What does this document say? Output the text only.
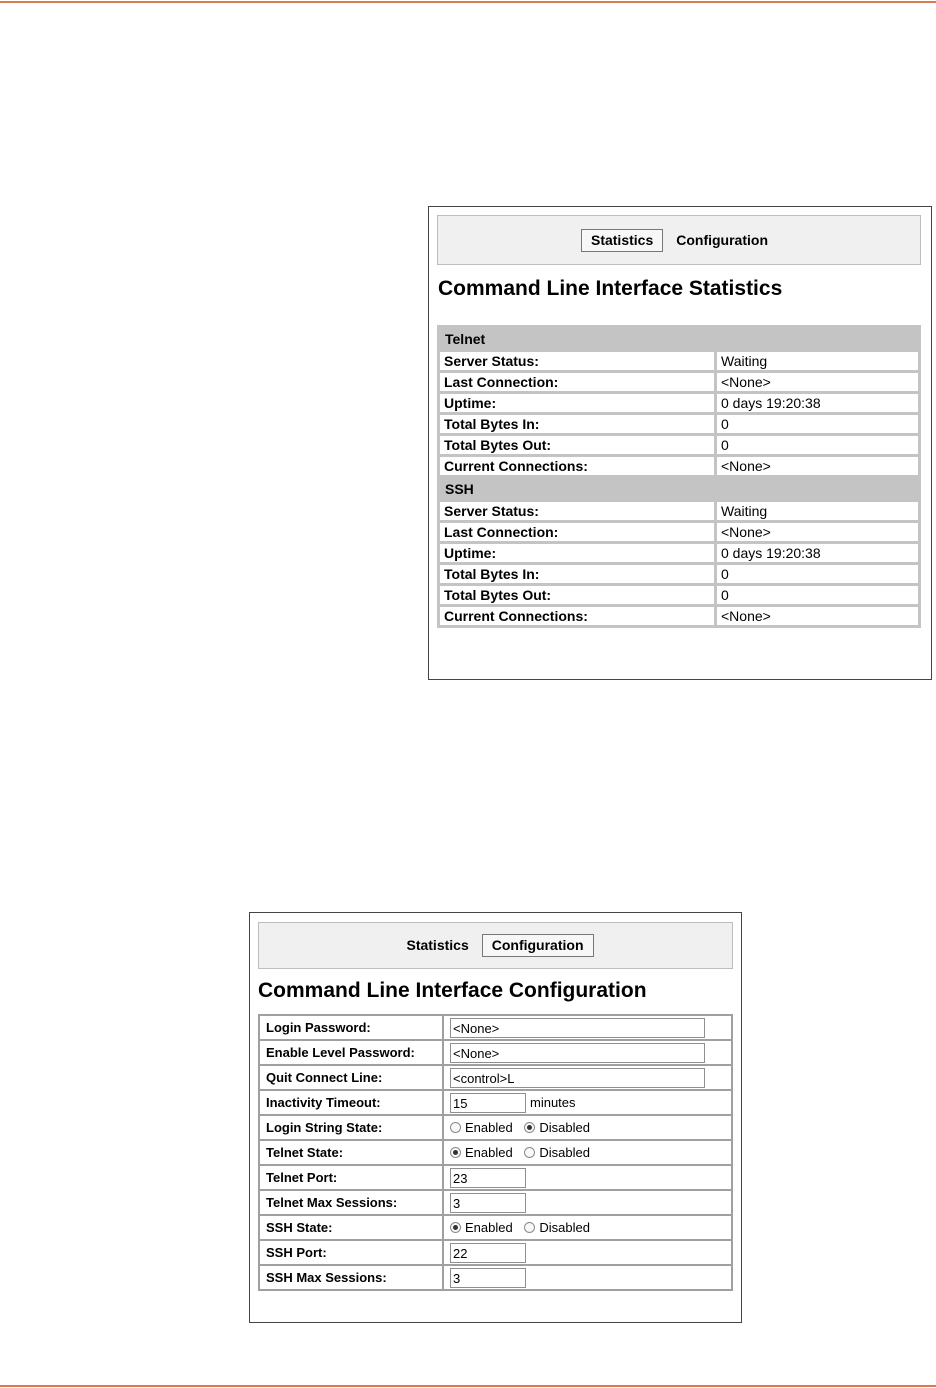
Statistics	Configuration
Command Line Interface Statistics
Telnet	
Server Status:	Waiting
Last Connection:	<None>
Uptime:	0 days 19:20:38
Total Bytes In:	0
Total Bytes Out:	0
Current Connections:	<None>
SSH	
Server Status:	Waiting
Last Connection:	<None>
Uptime:	0 days 19:20:38
Total Bytes In:	0
Total Bytes Out:	0
Current Connections:	<None>
Statistics	Configuration
Command Line Interface Configuration
Login Password:	<None>
Enable Level Password:	<None>
Quit Connect Line:	<control>L
Inactivity Timeout:	15 minutes
Login String State:	Enabled Disabled
Telnet State:	Enabled Disabled
Telnet Port:	23
Telnet Max Sessions:	3
SSH State:	Enabled Disabled
SSH Port:	22
SSH Max Sessions:	3
